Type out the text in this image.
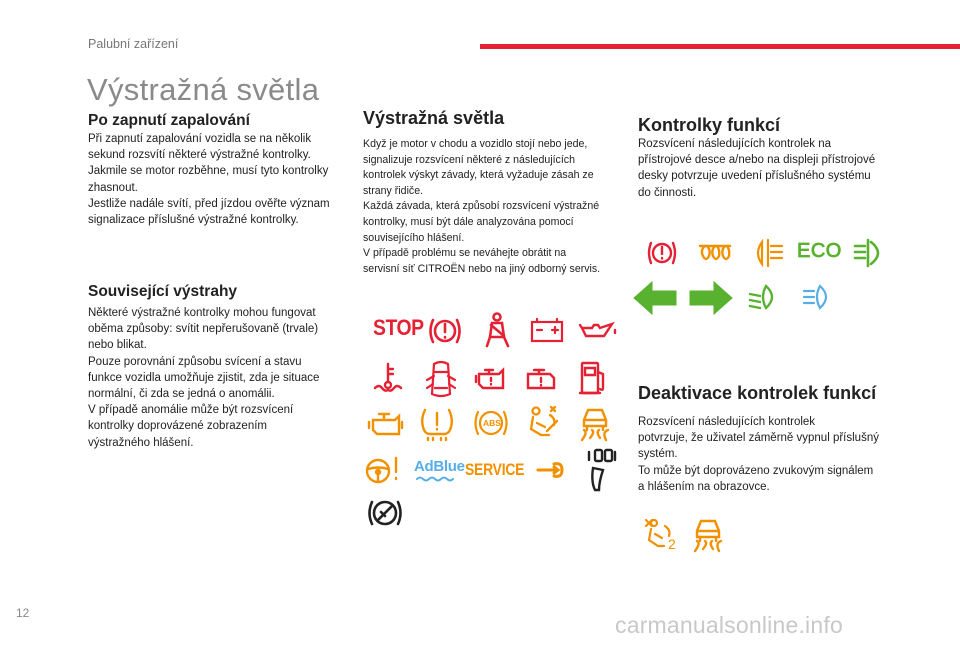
Palubní zařízení
Výstražná světla
Po zapnutí zapalování

Při zapnutí zapalování vozidla se na několik

sekund rozsvítí některé výstražné kontrolky.

Jakmile se motor rozběhne, musí tyto kontrolky

zhasnout.

Jestliže nadále svítí, před jízdou ověřte význam

signalizace příslušné výstražné kontrolky.

Související výstrahy

Některé výstražné kontrolky mohou fungovat

oběma způsoby: svítit nepřerušovaně (trvale)

nebo blikat.

Pouze porovnání způsobu svícení a stavu

funkce vozidla umožňuje zjistit, zda je situace

normální, či zda se jedná o anomálii.

V případě anomálie může být rozsvícení

kontrolky doprovázené zobrazením

výstražného hlášení.

Výstražná světla

Když je motor v chodu a vozidlo stojí nebo jede,

signalizuje rozsvícení některé z následujících

kontrolek výskyt závady, která vyžaduje zásah ze

strany řidiče.

Každá závada, která způsobí rozsvícení výstražné

kontrolky, musí být dále analyzována pomocí

souvisejícího hlášení.

V případě problému se neváhejte obrátit na

servisní síť CITROËN nebo na jiný odborný servis.

STOP
ABS
AdBlue SERVICE
Kontrolky funkcí

Rozsvícení následujících kontrolek na

přístrojové desce a/nebo na displeji přístrojové

desky potvrzuje uvedení příslušného systému

do činnosti.

ECO
Deaktivace kontrolek funkcí

Rozsvícení následujících kontrolek

potvrzuje, že uživatel záměrně vypnul příslušný

systém.

To může být doprovázeno zvukovým signálem

a hlášením na obrazovce.

2
12	carmanualsonline.info
